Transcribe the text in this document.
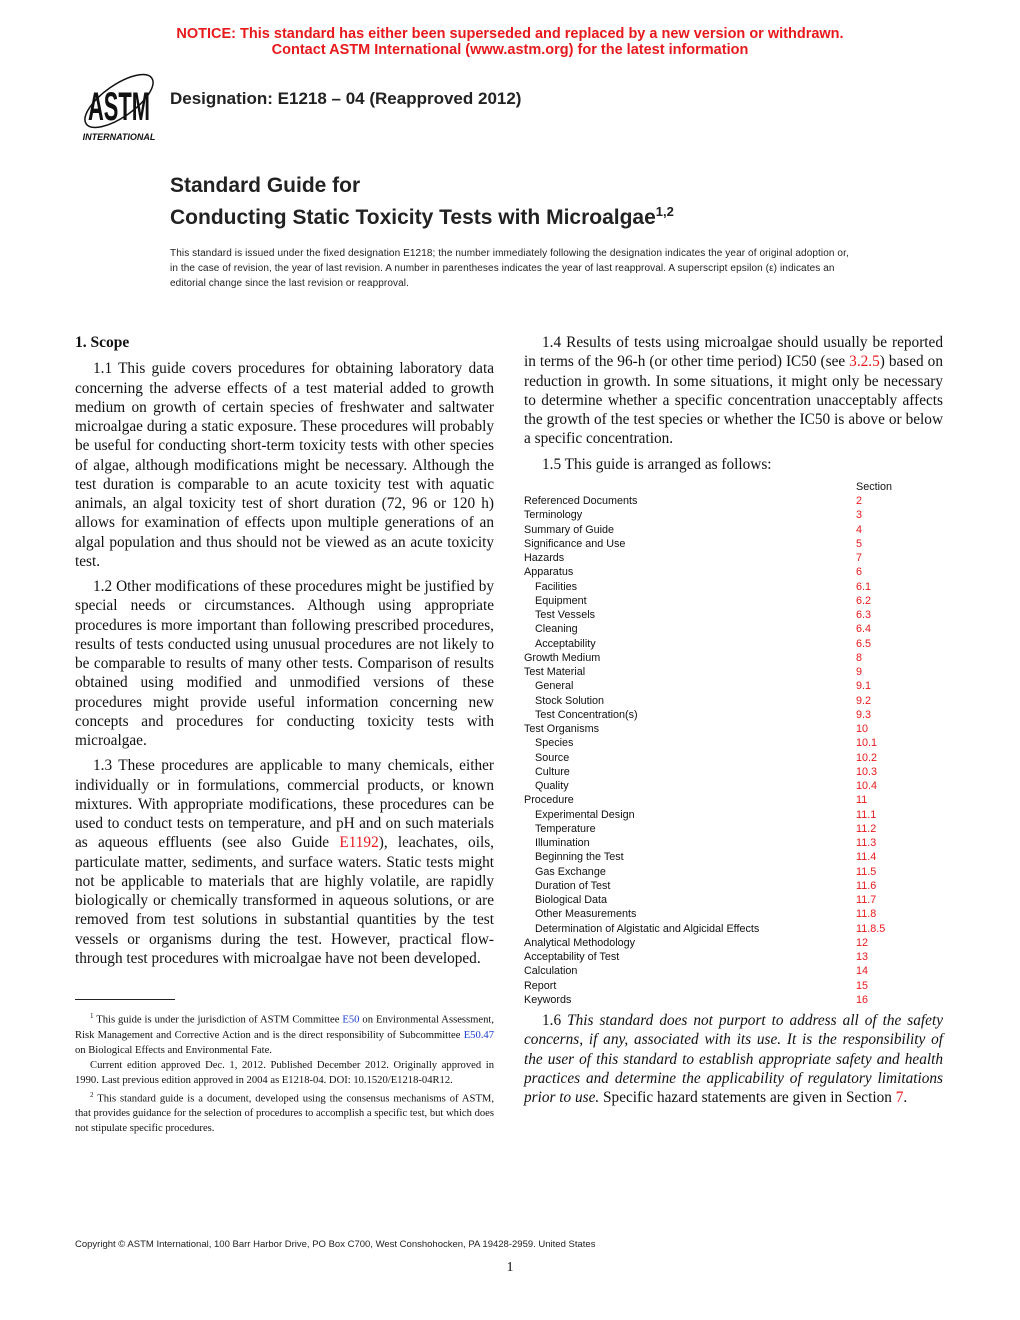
NOTICE: This standard has either been superseded and replaced by a new version or withdrawn.
Contact ASTM International (www.astm.org) for the latest information
ASTM
INTERNATIONAL
Designation: E1218 – 04 (Reapproved 2012)
Standard Guide for
Conducting Static Toxicity Tests with Microalgae$^{1,2}$
This standard is issued under the fixed designation E1218; the number immediately following the designation indicates the year of original adoption or, in the case of revision, the year of last revision. A number in parentheses indicates the year of last reapproval. A superscript epsilon (ε) indicates an editorial change since the last revision or reapproval.
1. Scope

1.1 This guide covers procedures for obtaining laboratory data concerning the adverse effects of a test material added to growth medium on growth of certain species of freshwater and saltwater microalgae during a static exposure. These procedures will probably be useful for conducting short-term toxicity tests with other species of algae, although modifications might be necessary. Although the test duration is comparable to an acute toxicity test with aquatic animals, an algal toxicity test of short duration (72, 96 or 120 h) allows for examination of effects upon multiple generations of an algal population and thus should not be viewed as an acute toxicity test.

1.2 Other modifications of these procedures might be justified by special needs or circumstances. Although using appropriate procedures is more important than following prescribed procedures, results of tests conducted using unusual procedures are not likely to be comparable to results of many other tests. Comparison of results obtained using modified and unmodified versions of these procedures might provide useful information concerning new concepts and procedures for conducting toxicity tests with microalgae.

1.3 These procedures are applicable to many chemicals, either individually or in formulations, commercial products, or known mixtures. With appropriate modifications, these procedures can be used to conduct tests on temperature, and pH and on such materials as aqueous effluents (see also Guide E1192), leachates, oils, particulate matter, sediments, and surface waters. Static tests might not be applicable to materials that are highly volatile, are rapidly biologically or chemically transformed in aqueous solutions, or are removed from test solutions in substantial quantities by the test vessels or organisms during the test. However, practical flow-through test procedures with microalgae have not been developed.

1.4 Results of tests using microalgae should usually be reported in terms of the 96-h (or other time period) IC50 (see 3.2.5) based on reduction in growth. In some situations, it might only be necessary to determine whether a specific concentration unacceptably affects the growth of the test species or whether the IC50 is above or below a specific concentration.

1.5 This guide is arranged as follows:

Section
Referenced Documents	2
Terminology	3
Summary of Guide	4
Significance and Use	5
Hazards	7
Apparatus	6
Facilities	6.1
Equipment	6.2
Test Vessels	6.3
Cleaning	6.4
Acceptability	6.5
Growth Medium	8
Test Material	9
General	9.1
Stock Solution	9.2
Test Concentration(s)	9.3
Test Organisms	10
Species	10.1
Source	10.2
Culture	10.3
Quality	10.4
Procedure	11
Experimental Design	11.1
Temperature	11.2
Illumination	11.3
Beginning the Test	11.4
Gas Exchange	11.5
Duration of Test	11.6
Biological Data	11.7
Other Measurements	11.8
Determination of Algistatic and Algicidal Effects	11.8.5
Analytical Methodology	12
Acceptability of Test	13
Calculation	14
Report	15
Keywords	16

1.6 This standard does not purport to address all of the safety concerns, if any, associated with its use. It is the responsibility of the user of this standard to establish appropriate safety and health practices and determine the applicability of regulatory limitations prior to use. Specific hazard statements are given in Section 7.

$^1$ This guide is under the jurisdiction of ASTM Committee E50 on Environmental Assessment, Risk Management and Corrective Action and is the direct responsibility of Subcommittee E50.47 on Biological Effects and Environmental Fate.

Current edition approved Dec. 1, 2012. Published December 2012. Originally approved in 1990. Last previous edition approved in 2004 as E1218-04. DOI: 10.1520/E1218-04R12.

$^2$ This standard guide is a document, developed using the consensus mechanisms of ASTM, that provides guidance for the selection of procedures to accomplish a specific test, but which does not stipulate specific procedures.

Copyright © ASTM International, 100 Barr Harbor Drive, PO Box C700, West Conshohocken, PA 19428-2959. United States
1
